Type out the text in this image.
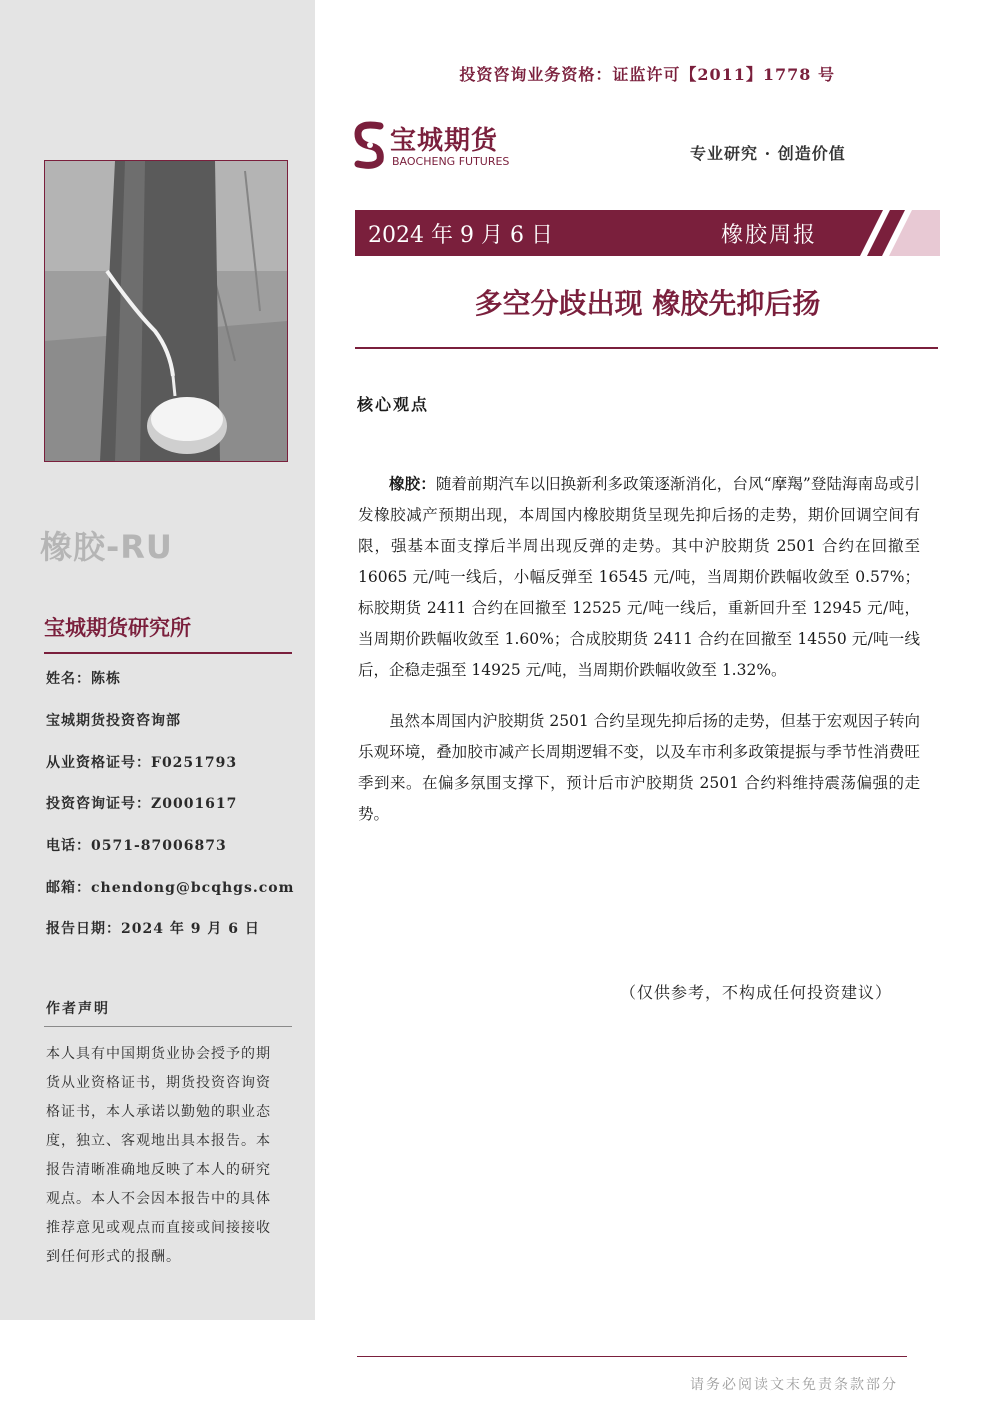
橡胶-RU
宝城期货研究所
姓名：陈栋
宝城期货投资咨询部
从业资格证号：F0251793
投资咨询证号：Z0001617
电话：0571-87006873
邮箱：chendong@bcqhgs.com
报告日期：2024 年 9 月 6 日
作者声明
本人具有中国期货业协会授予的期货从业资格证书，期货投资咨询资格证书，本人承诺以勤勉的职业态度，独立、客观地出具本报告。本报告清晰准确地反映了本人的研究观点。本人不会因本报告中的具体推荐意见或观点而直接或间接接收到任何形式的报酬。
投资咨询业务资格：证监许可【2011】1778 号
宝城期货
BAOCHENG FUTURES	专业研究 · 创造价值
2024 年 9 月 6 日	橡胶周报
多空分歧出现 橡胶先抑后扬
核心观点

橡胶：随着前期汽车以旧换新利多政策逐渐消化，台风“摩羯”登陆海南岛或引发橡胶减产预期出现，本周国内橡胶期货呈现先抑后扬的走势，期价回调空间有限，强基本面支撑后半周出现反弹的走势。其中沪胶期货 2501 合约在回撤至 16065 元/吨一线后，小幅反弹至 16545 元/吨，当周期价跌幅收敛至 0.57%；标胶期货 2411 合约在回撤至 12525 元/吨一线后，重新回升至 12945 元/吨，当周期价跌幅收敛至 1.60%；合成胶期货 2411 合约在回撤至 14550 元/吨一线后，企稳走强至 14925 元/吨，当周期价跌幅收敛至 1.32%。

虽然本周国内沪胶期货 2501 合约呈现先抑后扬的走势，但基于宏观因子转向乐观环境，叠加胶市减产长周期逻辑不变，以及车市利多政策提振与季节性消费旺季到来。在偏多氛围支撑下，预计后市沪胶期货 2501 合约料维持震荡偏强的走势。

（仅供参考，不构成任何投资建议）
请务必阅读文末免责条款部分
